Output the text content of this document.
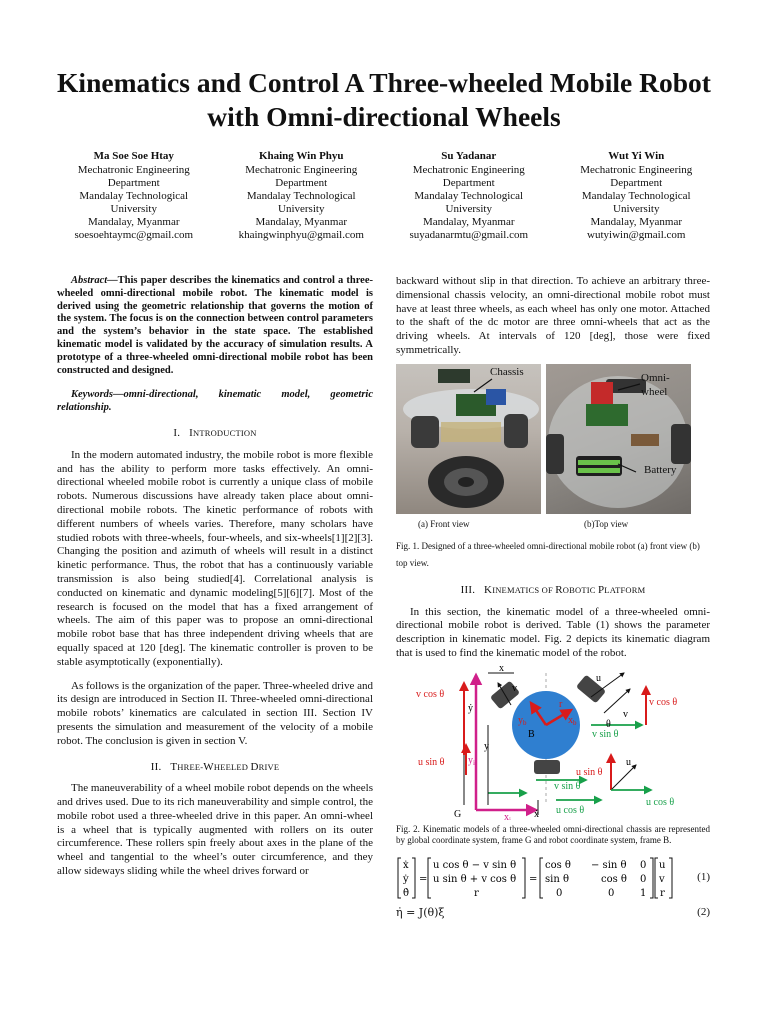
Kinematics and Control A Three-wheeled Mobile Robot with Omni-directional Wheels
Ma Soe Soe Htay
Mechatronic Engineering
Department
Mandalay Technological
University
Mandalay, Myanmar
soesoehtaymc@gmail.com
Khaing Win Phyu
Mechatronic Engineering
Department
Mandalay Technological
University
Mandalay, Myanmar
khaingwinphyu@gmail.com
Su Yadanar
Mechatronic Engineering
Department
Mandalay Technological
University
Mandalay, Myanmar
suyadanarmtu@gmail.com
Wut Yi Win
Mechatronic Engineering
Department
Mandalay Technological
University
Mandalay, Myanmar
wutyiwin@gmail.com

Abstract—This paper describes the kinematics and control a three-wheeled omni-directional mobile robot. The kinematic model is derived using the geometric relationship that governs the motion of the system. The focus is on the connection between control parameters and the system’s behavior in the state space. The established kinematic model is validated by the accuracy of simulation results. A prototype of a three-wheeled omni-directional mobile robot has been constructed and designed.

Keywords—omni-directional, kinematic model, geometric relationship.

I. INTRODUCTION

In the modern automated industry, the mobile robot is more flexible and has the ability to perform more tasks effectively. An omni-directional wheeled mobile robot is currently a unique class of mobile robots. Numerous discussions have already taken place about omni-directional mobile robots. The kinetic performance of robots with different numbers of wheels varies. Therefore, many scholars have studied robots with three-wheels, four-wheels, and six-wheels[1][2][3]. Changing the position and azimuth of wheels will result in a distinct kinetic performance. Thus, the robot that has a continuously variable transmission is also being studied[4]. Correlational analysis is conducted on kinematic and dynamic modeling[5][6][7]. Most of the research is focused on the model that has a fixed arrangement of wheels. The aim of this paper was to propose an omni-directional mobile robot base that has three independent driving wheels that are equally spaced at 120 [deg]. The kinematic controller is proven to be stable asymptotically (exponentially).

As follows is the organization of the paper. Three-wheeled drive and its design are introduced in Section II. Three-wheeled omni-directional mobile robots’ kinematics are calculated in section III. Section IV presents the simulation and measurement of the velocity of a mobile robot. The conclusion is given in section V.

II. THREE-WHEELED DRIVE

The maneuverability of a wheel mobile robot depends on the wheels and drives used. Due to its rich maneuverability and simple control, the mobile robot used a three-wheeled drive in this paper. An omni-wheel is a wheel that is typically augmented with rollers on its outer circumference. These rollers spin freely about axes in the plane of the wheel and tangential to the wheel’s outer circumference, and they allow sideways sliding while the wheel drives forward or

backward without slip in that direction. To achieve an arbitrary three-dimensional chassis velocity, an omni-directional mobile robot must have at least three wheels, as each wheel has only one motor. Attached to the shaft of the dc motor are three omni-wheels that act as the driving wheels. At intervals of 120 [deg], those were fixed symmetrically.

Chassis	Omni-wheel
Battery
(a) Front view	(b)Top view

Fig. 1. Designed of a three-wheeled omni-directional mobile robot (a) front view (b) top view.

III. KINEMATICS OF ROBOTIC PLATFORM

In this section, the kinematic model of a three-wheeled omni-directional mobile robot is derived. Table (1) shows the parameter description in kinematic model. Fig. 2 depicts its kinematic diagram that is used to find the kinematic model of the robot.

v cos θ
v cos θ
u sin θ
u sin θ
v sin θ
v sin θ
u cos θ
u cos θ
x
y
u
u
v
v
r
B
G
$y_b$	$x_b$
$y_i$
$x_i$
ẏ
ẋ
θ

Fig. 2. Kinematic models of a three-wheeled omni-directional chassis are represented by global coordinate system, frame G and robot coordinate system, frame B.

ẋ
ẏ
θ̇
=
u cos θ − v sin θ
u sin θ + v cos θ
r
=
cos θ − sin θ 0
sin θ	cos θ 0
0	0	1
u
v
r
(1)
η̇ = J(θ)ξ	(2)
